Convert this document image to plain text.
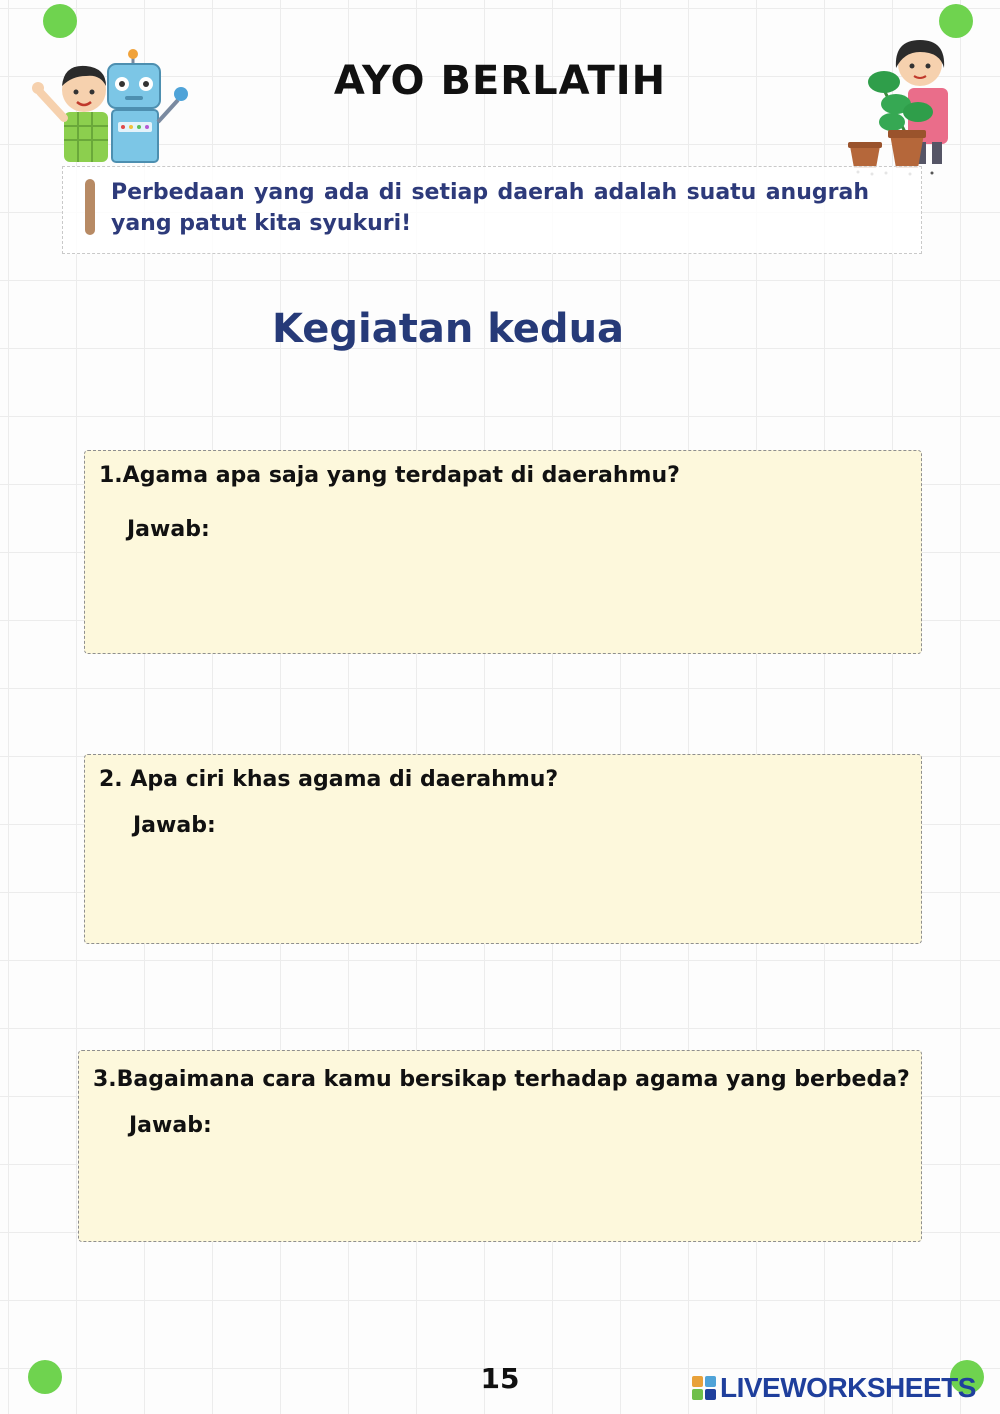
AYO BERLATIH
Perbedaan yang ada di setiap daerah adalah suatu anugrah yang patut kita syukuri!
Kegiatan kedua
1.Agama apa saja yang terdapat di daerahmu?
Jawab:
2. Apa ciri khas agama di daerahmu?
Jawab:
3.Bagaimana cara kamu bersikap terhadap agama yang berbeda?
Jawab:
15	LIVEWORKSHEETS
